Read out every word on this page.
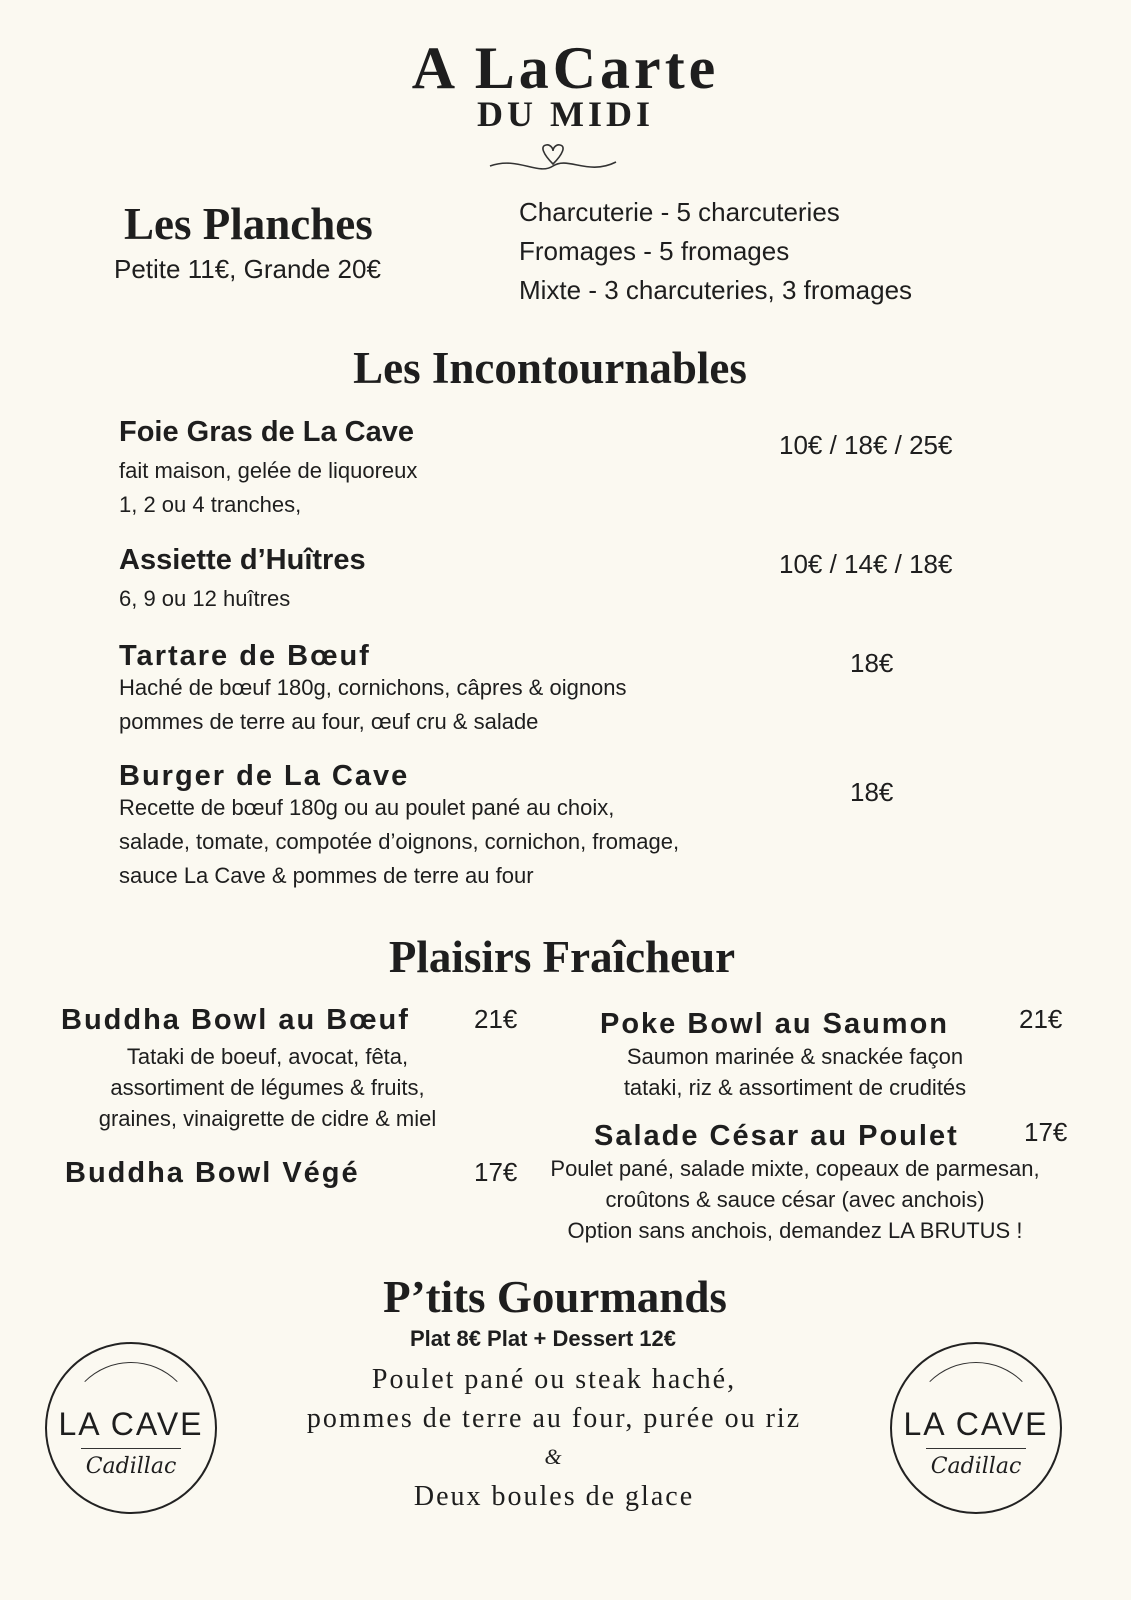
A LaCarte
DU MIDI
Les Planches
Petite 11€, Grande 20€
Charcuterie - 5 charcuteries
Fromages - 5 fromages
Mixte - 3 charcuteries, 3 fromages
Les Incontournables
Foie Gras de La Cave
fait maison, gelée de liquoreux
1, 2 ou 4 tranches,
10€ / 18€ / 25€
Assiette d’Huîtres
6, 9 ou 12 huîtres
10€ / 14€ / 18€
Tartare de Bœuf
Haché de bœuf 180g, cornichons, câpres & oignons
pommes de terre au four, œuf cru & salade
18€
Burger de La Cave
Recette de bœuf 180g ou au poulet pané au choix,
salade, tomate, compotée d’oignons, cornichon, fromage,
sauce La Cave & pommes de terre au four
18€
Plaisirs Fraîcheur
Buddha Bowl au Bœuf 21€
Tataki de boeuf, avocat, fêta,
assortiment de légumes & fruits,
graines, vinaigrette de cidre & miel
Buddha Bowl Végé	17€
Poke Bowl au Saumon	21€
Saumon marinée & snackée façon
tataki, riz & assortiment de crudités
Salade César au Poulet	17€
Poulet pané, salade mixte, copeaux de parmesan,
croûtons & sauce césar (avec anchois)
Option sans anchois, demandez LA BRUTUS !
P’tits Gourmands
Plat 8€ Plat + Dessert 12€
Poulet pané ou steak haché,
pommes de terre au four, purée ou riz
&
Deux boules de glace
LA CAVE
Cadillac
LA CAVE
Cadillac
